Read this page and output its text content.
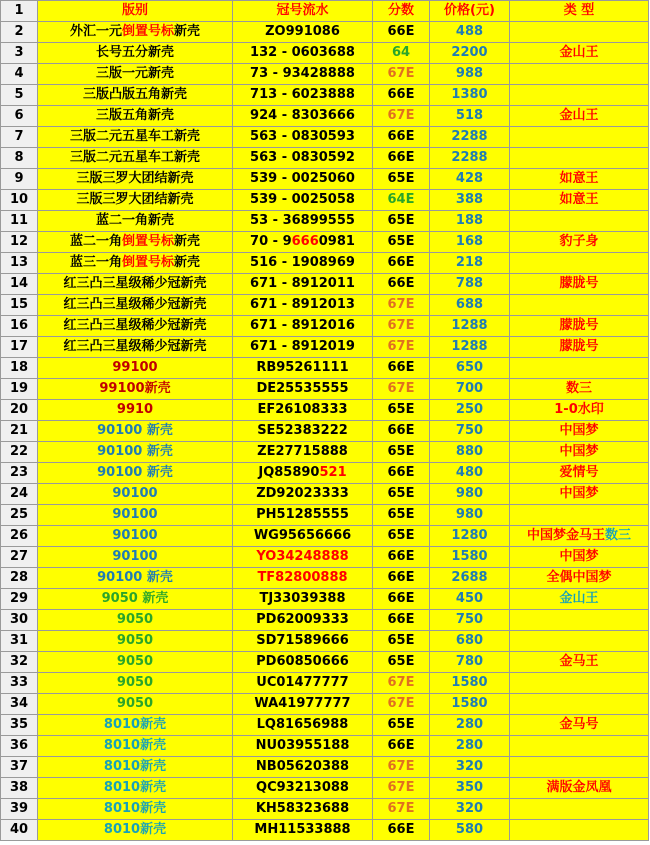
1	版别	冠号流水	分数	价格(元)	类 型
2	外汇一元倒置号标新壳	ZO991086	66E	488	
3	长号五分新壳	132 - 0603688	64	2200	金山王
4	三版一元新壳	73 - 93428888	67E	988	
5	三版凸版五角新壳	713 - 6023888	66E	1380	
6	三版五角新壳	924 - 8303666	67E	518	金山王
7	三版二元五星车工新壳	563 - 0830593	66E	2288	
8	三版二元五星车工新壳	563 - 0830592	66E	2288	
9	三版三罗大团结新壳	539 - 0025060	65E	428	如意王
10	三版三罗大团结新壳	539 - 0025058	64E	388	如意王
11	蓝二一角新壳	53 - 36899555	65E	188	
12	蓝二一角倒置号标新壳	70 - 96660981	65E	168	豹子身
13	蓝三一角倒置号标新壳	516 - 1908969	66E	218	
14	红三凸三星级稀少冠新壳	671 - 8912011	66E	788	朦胧号
15	红三凸三星级稀少冠新壳	671 - 8912013	67E	688	
16	红三凸三星级稀少冠新壳	671 - 8912016	67E	1288	朦胧号
17	红三凸三星级稀少冠新壳	671 - 8912019	67E	1288	朦胧号
18	99100	RB95261111	66E	650	
19	99100新壳	DE25535555	67E	700	数三
20	9910	EF26108333	65E	250	1-0水印
21	90100 新壳	SE52383222	66E	750	中国梦
22	90100 新壳	ZE27715888	65E	880	中国梦
23	90100 新壳	JQ85890521	66E	480	爱情号
24	90100	ZD92023333	65E	980	中国梦
25	90100	PH51285555	65E	980	
26	90100	WG95656666	65E	1280	中国梦金马王数三
27	90100	YO34248888	66E	1580	中国梦
28	90100 新壳	TF82800888	66E	2688	全偶中国梦
29	9050 新壳	TJ33039388	66E	450	金山王
30	9050	PD62009333	66E	750	
31	9050	SD71589666	65E	680	
32	9050	PD60850666	65E	780	金马王
33	9050	UC01477777	67E	1580	
34	9050	WA41977777	67E	1580	
35	8010新壳	LQ81656988	65E	280	金马号
36	8010新壳	NU03955188	66E	280	
37	8010新壳	NB05620388	67E	320	
38	8010新壳	QC93213088	67E	350	满版金凤凰
39	8010新壳	KH58323688	67E	320	
40	8010新壳	MH11533888	66E	580	
